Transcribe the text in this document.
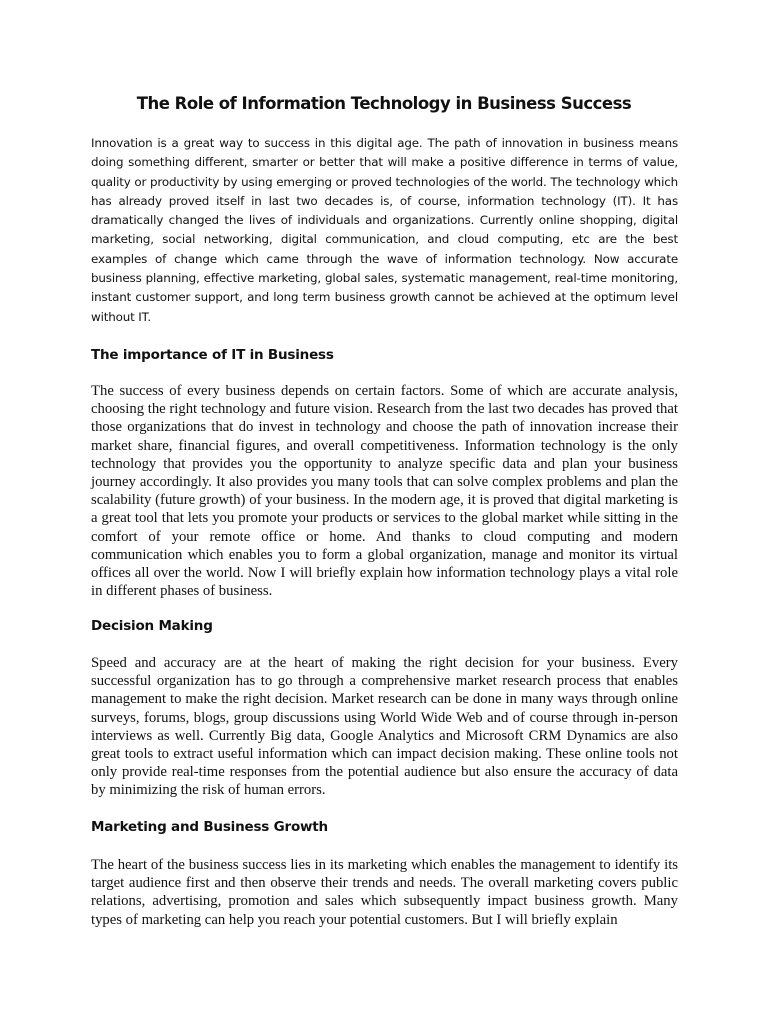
The Role of Information Technology in Business Success

Innovation is a great way to success in this digital age. The path of innovation in business means doing something different, smarter or better that will make a positive difference in terms of value, quality or productivity by using emerging or proved technologies of the world. The technology which has already proved itself in last two decades is, of course, information technology (IT). It has dramatically changed the lives of individuals and organizations. Currently online shopping, digital marketing, social networking, digital communication, and cloud computing, etc are the best examples of change which came through the wave of information technology. Now accurate business planning, effective marketing, global sales, systematic management, real-time monitoring, instant customer support, and long term business growth cannot be achieved at the optimum level without IT.

The importance of IT in Business

The success of every business depends on certain factors. Some of which are accurate analysis, choosing the right technology and future vision. Research from the last two decades has proved that those organizations that do invest in technology and choose the path of innovation increase their market share, financial figures, and overall competitiveness. Information technology is the only technology that provides you the opportunity to analyze specific data and plan your business journey accordingly. It also provides you many tools that can solve complex problems and plan the scalability (future growth) of your business. In the modern age, it is proved that digital marketing is a great tool that lets you promote your products or services to the global market while sitting in the comfort of your remote office or home. And thanks to cloud computing and modern communication which enables you to form a global organization, manage and monitor its virtual offices all over the world. Now I will briefly explain how information technology plays a vital role in different phases of business.

Decision Making

Speed and accuracy are at the heart of making the right decision for your business. Every successful organization has to go through a comprehensive market research process that enables management to make the right decision. Market research can be done in many ways through online surveys, forums, blogs, group discussions using World Wide Web and of course through in-person interviews as well. Currently Big data, Google Analytics and Microsoft CRM Dynamics are also great tools to extract useful information which can impact decision making. These online tools not only provide real-time responses from the potential audience but also ensure the accuracy of data by minimizing the risk of human errors.

Marketing and Business Growth

The heart of the business success lies in its marketing which enables the management to identify its target audience first and then observe their trends and needs. The overall marketing covers public relations, advertising, promotion and sales which subsequently impact business growth. Many types of marketing can help you reach your potential customers. But I will briefly explain
